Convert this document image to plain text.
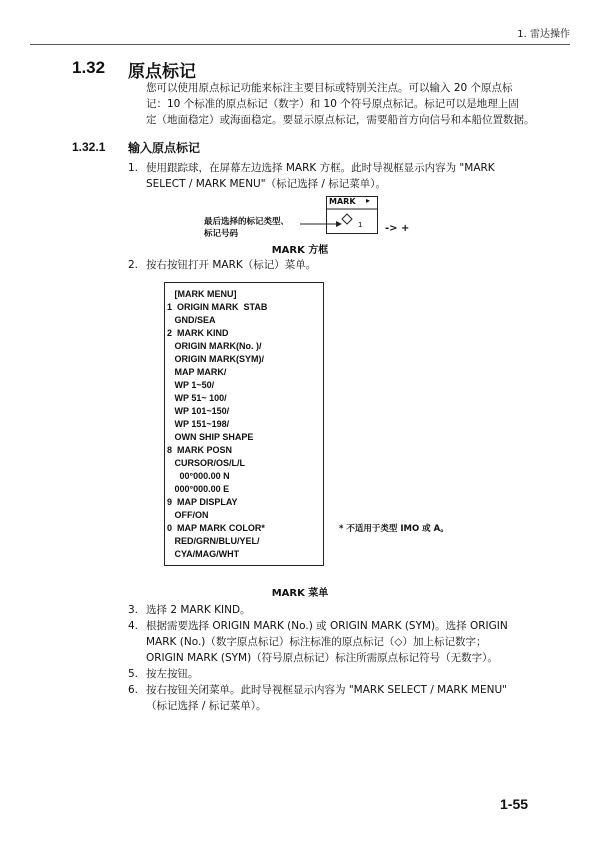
1. 雷达操作
1.32 原点标记
您可以使用原点标记功能来标注主要目标或特别关注点。可以输入 20 个原点标
记：10 个标准的原点标记（数字）和 10 个符号原点标记。标记可以是地理上固
定（地面稳定）或海面稳定。要显示原点标记，需要船首方向信号和本船位置数据。
1.32.1 输入原点标记
1. 使用跟踪球，在屏幕左边选择 MARK 方框。此时导视框显示内容为 "MARK
SELECT / MARK MENU"（标记选择 / 标记菜单）。
MARK ▸
1
最后选择的标记类型、
标记号码	-> +
MARK 方框
2. 按右按钮打开 MARK（标记）菜单。
[MARK MENU]
1  ORIGIN MARK  STAB
GND/SEA
2  MARK KIND
ORIGIN MARK(No. )/
ORIGIN MARK(SYM)/
MAP MARK/
WP 1~50/
WP 51~ 100/
WP 101~150/
WP 151~198/
OWN SHIP SHAPE
8  MARK POSN
CURSOR/OS/L/L
00°000.00 N
000°000.00 E
9  MAP DISPLAY
OFF/ON
0  MAP MARK COLOR*
RED/GRN/BLU/YEL/
CYA/MAG/WHT
* 不适用于类型 IMO 或 A。
MARK 菜单
3. 选择 2 MARK KIND。
4. 根据需要选择 ORIGIN MARK (No.) 或 ORIGIN MARK (SYM)。选择 ORIGIN
MARK (No.)（数字原点标记）标注标准的原点标记（◇）加上标记数字；
ORIGIN MARK (SYM)（符号原点标记）标注所需原点标记符号（无数字）。
5. 按左按钮。
6. 按右按钮关闭菜单。此时导视框显示内容为 "MARK SELECT / MARK MENU"
（标记选择 / 标记菜单）。
1-55
